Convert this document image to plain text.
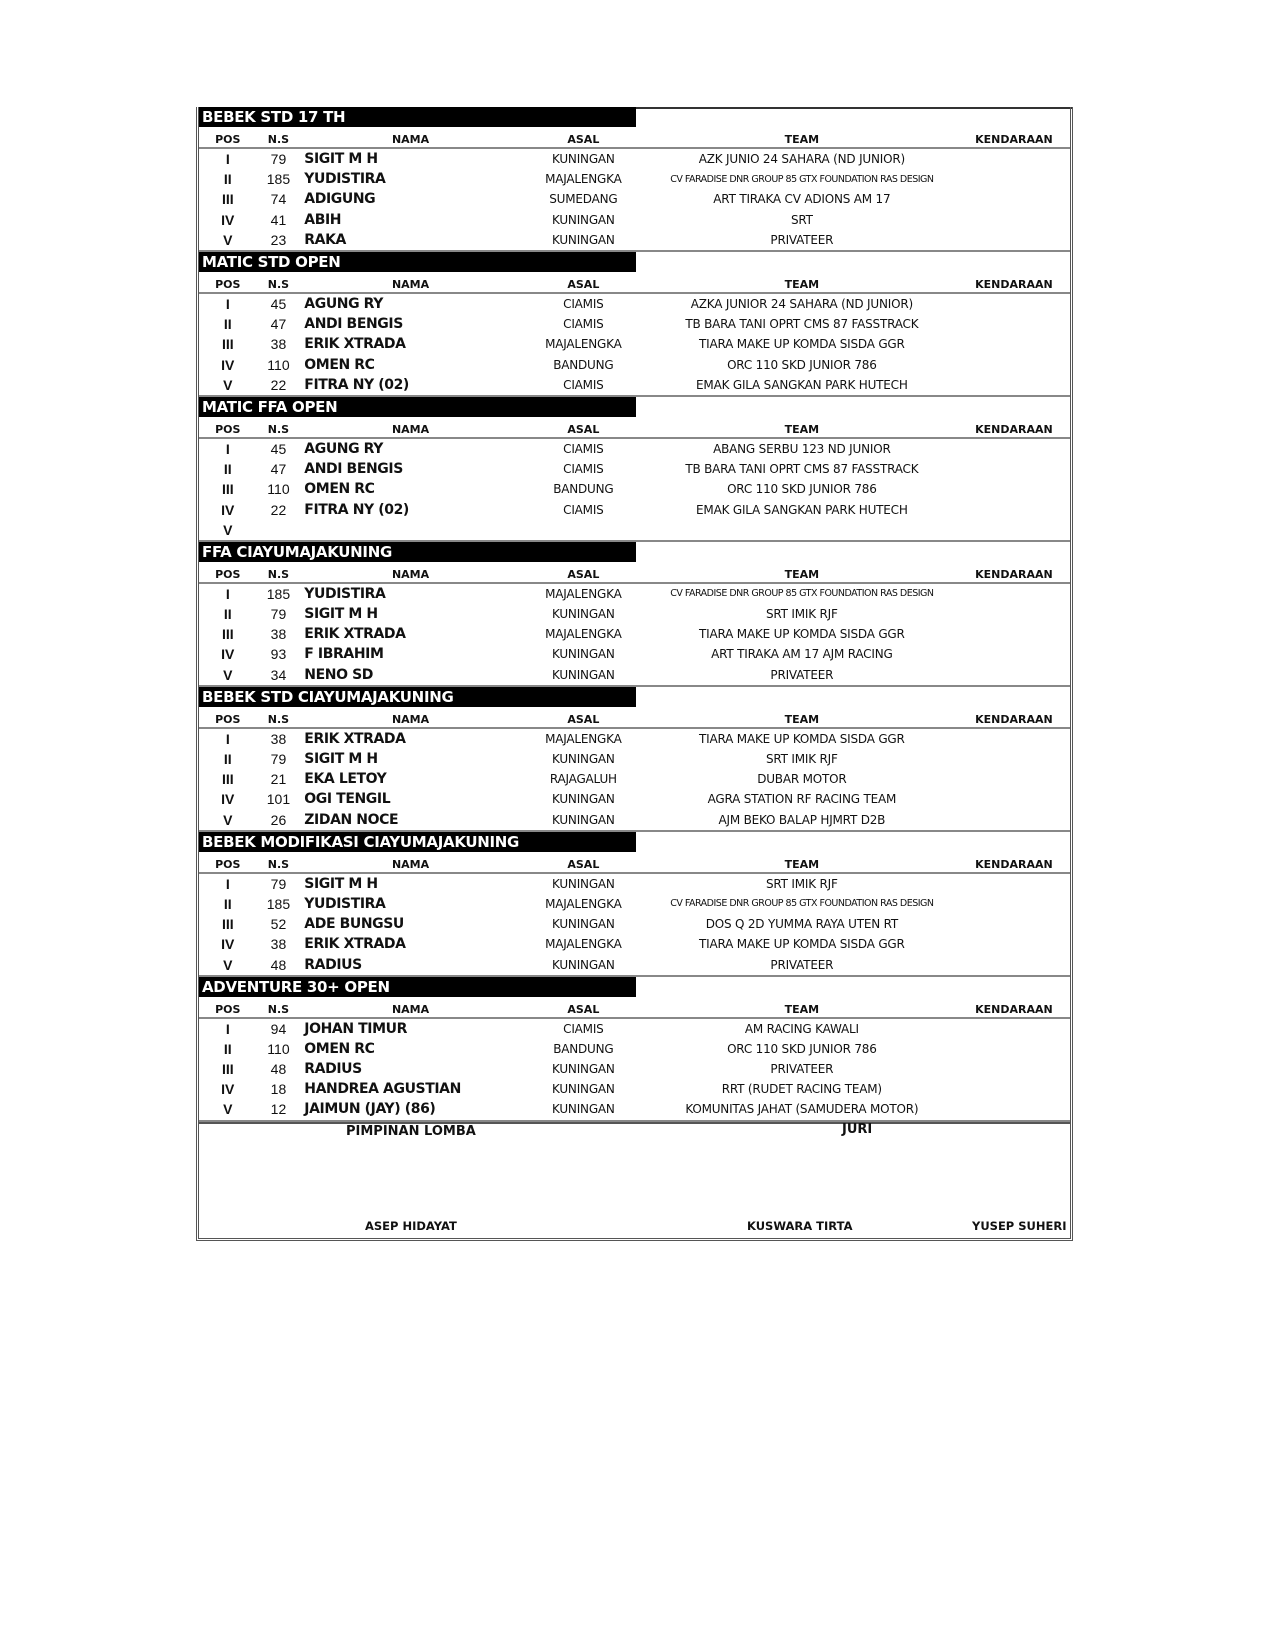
BEBEK STD 17 TH
POS	N.S	NAMA	ASAL	TEAM	KENDARAAN
I	79	SIGIT M H	KUNINGAN	AZK JUNIO 24 SAHARA (ND JUNIOR)
II	185	YUDISTIRA	MAJALENGKA	CV FARADISE DNR GROUP 85 GTX FOUNDATION RAS DESIGN
III	74	ADIGUNG	SUMEDANG	ART TIRAKA CV ADIONS AM 17
IV	41	ABIH	KUNINGAN	SRT
V	23	RAKA	KUNINGAN	PRIVATEER
MATIC STD OPEN
POS	N.S	NAMA	ASAL	TEAM	KENDARAAN
I	45	AGUNG RY	CIAMIS	AZKA JUNIOR 24 SAHARA (ND JUNIOR)
II	47	ANDI BENGIS	CIAMIS	TB BARA TANI OPRT CMS 87 FASSTRACK
III	38	ERIK XTRADA	MAJALENGKA	TIARA MAKE UP KOMDA SISDA GGR
IV	110	OMEN RC	BANDUNG	ORC 110 SKD JUNIOR 786
V	22	FITRA NY (02)	CIAMIS	EMAK GILA SANGKAN PARK HUTECH
MATIC FFA OPEN
POS	N.S	NAMA	ASAL	TEAM	KENDARAAN
I	45	AGUNG RY	CIAMIS	ABANG SERBU 123 ND JUNIOR
II	47	ANDI BENGIS	CIAMIS	TB BARA TANI OPRT CMS 87 FASSTRACK
III	110	OMEN RC	BANDUNG	ORC 110 SKD JUNIOR 786
IV	22	FITRA NY (02)	CIAMIS	EMAK GILA SANGKAN PARK HUTECH
V
FFA CIAYUMAJAKUNING
POS	N.S	NAMA	ASAL	TEAM	KENDARAAN
I	185	YUDISTIRA	MAJALENGKA	CV FARADISE DNR GROUP 85 GTX FOUNDATION RAS DESIGN
II	79	SIGIT M H	KUNINGAN	SRT IMIK RJF
III	38	ERIK XTRADA	MAJALENGKA	TIARA MAKE UP KOMDA SISDA GGR
IV	93	F IBRAHIM	KUNINGAN	ART TIRAKA AM 17 AJM RACING
V	34	NENO SD	KUNINGAN	PRIVATEER
BEBEK STD CIAYUMAJAKUNING
POS	N.S	NAMA	ASAL	TEAM	KENDARAAN
I	38	ERIK XTRADA	MAJALENGKA	TIARA MAKE UP KOMDA SISDA GGR
II	79	SIGIT M H	KUNINGAN	SRT IMIK RJF
III	21	EKA LETOY	RAJAGALUH	DUBAR MOTOR
IV	101	OGI TENGIL	KUNINGAN	AGRA STATION RF RACING TEAM
V	26	ZIDAN NOCE	KUNINGAN	AJM BEKO BALAP HJMRT D2B
BEBEK MODIFIKASI CIAYUMAJAKUNING
POS	N.S	NAMA	ASAL	TEAM	KENDARAAN
I	79	SIGIT M H	KUNINGAN	SRT IMIK RJF
II	185	YUDISTIRA	MAJALENGKA	CV FARADISE DNR GROUP 85 GTX FOUNDATION RAS DESIGN
III	52	ADE BUNGSU	KUNINGAN	DOS Q 2D YUMMA RAYA UTEN RT
IV	38	ERIK XTRADA	MAJALENGKA	TIARA MAKE UP KOMDA SISDA GGR
V	48	RADIUS	KUNINGAN	PRIVATEER
ADVENTURE 30+ OPEN
POS	N.S	NAMA	ASAL	TEAM	KENDARAAN
I	94	JOHAN TIMUR	CIAMIS	AM RACING KAWALI
II	110	OMEN RC	BANDUNG	ORC 110 SKD JUNIOR 786
III	48	RADIUS	KUNINGAN	PRIVATEER
IV	18	HANDREA AGUSTIAN	KUNINGAN	RRT (RUDET RACING TEAM)
V	12	JAIMUN (JAY) (86)	KUNINGAN	KOMUNITAS JAHAT (SAMUDERA MOTOR)
PIMPINAN LOMBA	JURI
ASEP HIDAYAT	KUSWARA TIRTA	YUSEP SUHERI
